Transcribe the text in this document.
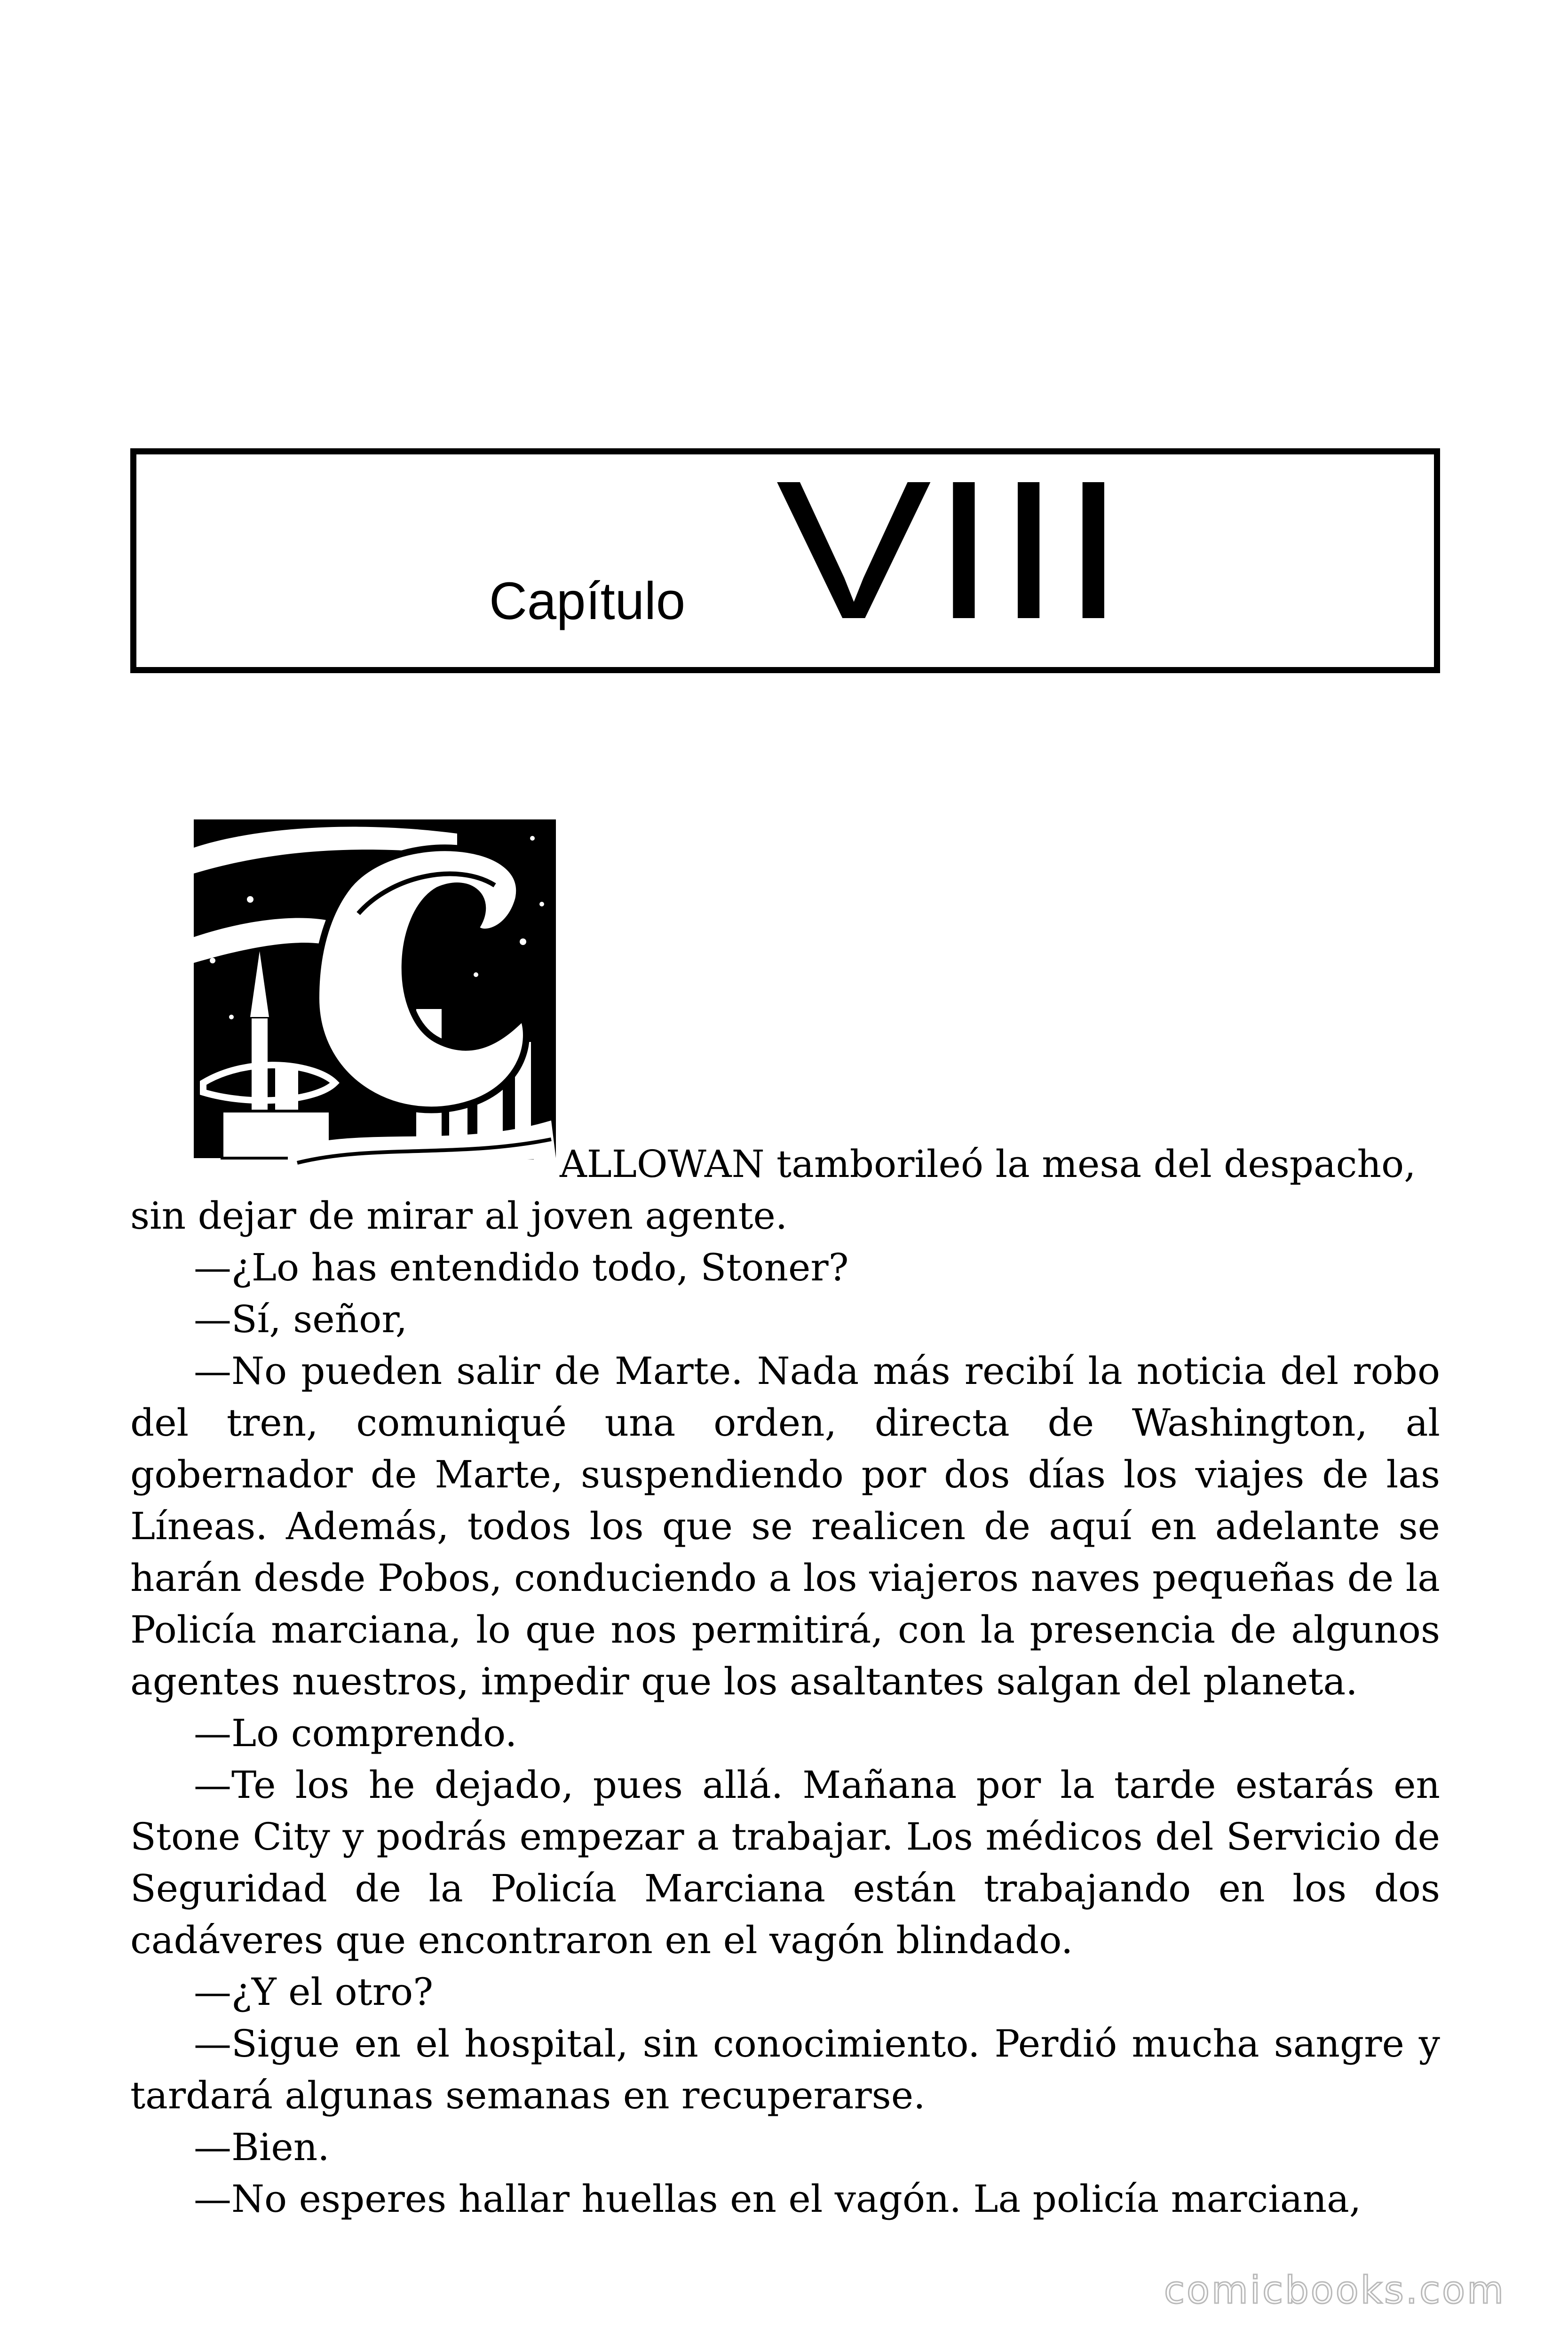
Capítulo VIII
ALLOWAN tamborileó la mesa del despacho,

sin dejar de mirar al joven agente.

—¿Lo has entendido todo, Stoner?

—Sí, señor,

—No pueden salir de Marte. Nada más recibí la noticia del robo del tren, comuniqué una orden, directa de Washington, al gobernador de Marte, suspendiendo por dos días los viajes de las Líneas. Además, todos los que se realicen de aquí en adelante se harán desde Pobos, conduciendo a los viajeros naves pequeñas de la Policía marciana, lo que nos permitirá, con la presencia de algunos agentes nuestros, impedir que los asaltantes salgan del planeta.

—Lo comprendo.

—Te los he dejado, pues allá. Mañana por la tarde estarás en Stone City y podrás empezar a trabajar. Los médicos del Servicio de Seguridad de la Policía Marciana están trabajando en los dos cadáveres que encontraron en el vagón blindado.

—¿Y el otro?

—Sigue en el hospital, sin conocimiento. Perdió mucha sangre y tardará algunas semanas en recuperarse.

—Bien.

—No esperes hallar huellas en el vagón. La policía marciana,

comicbooks.com
